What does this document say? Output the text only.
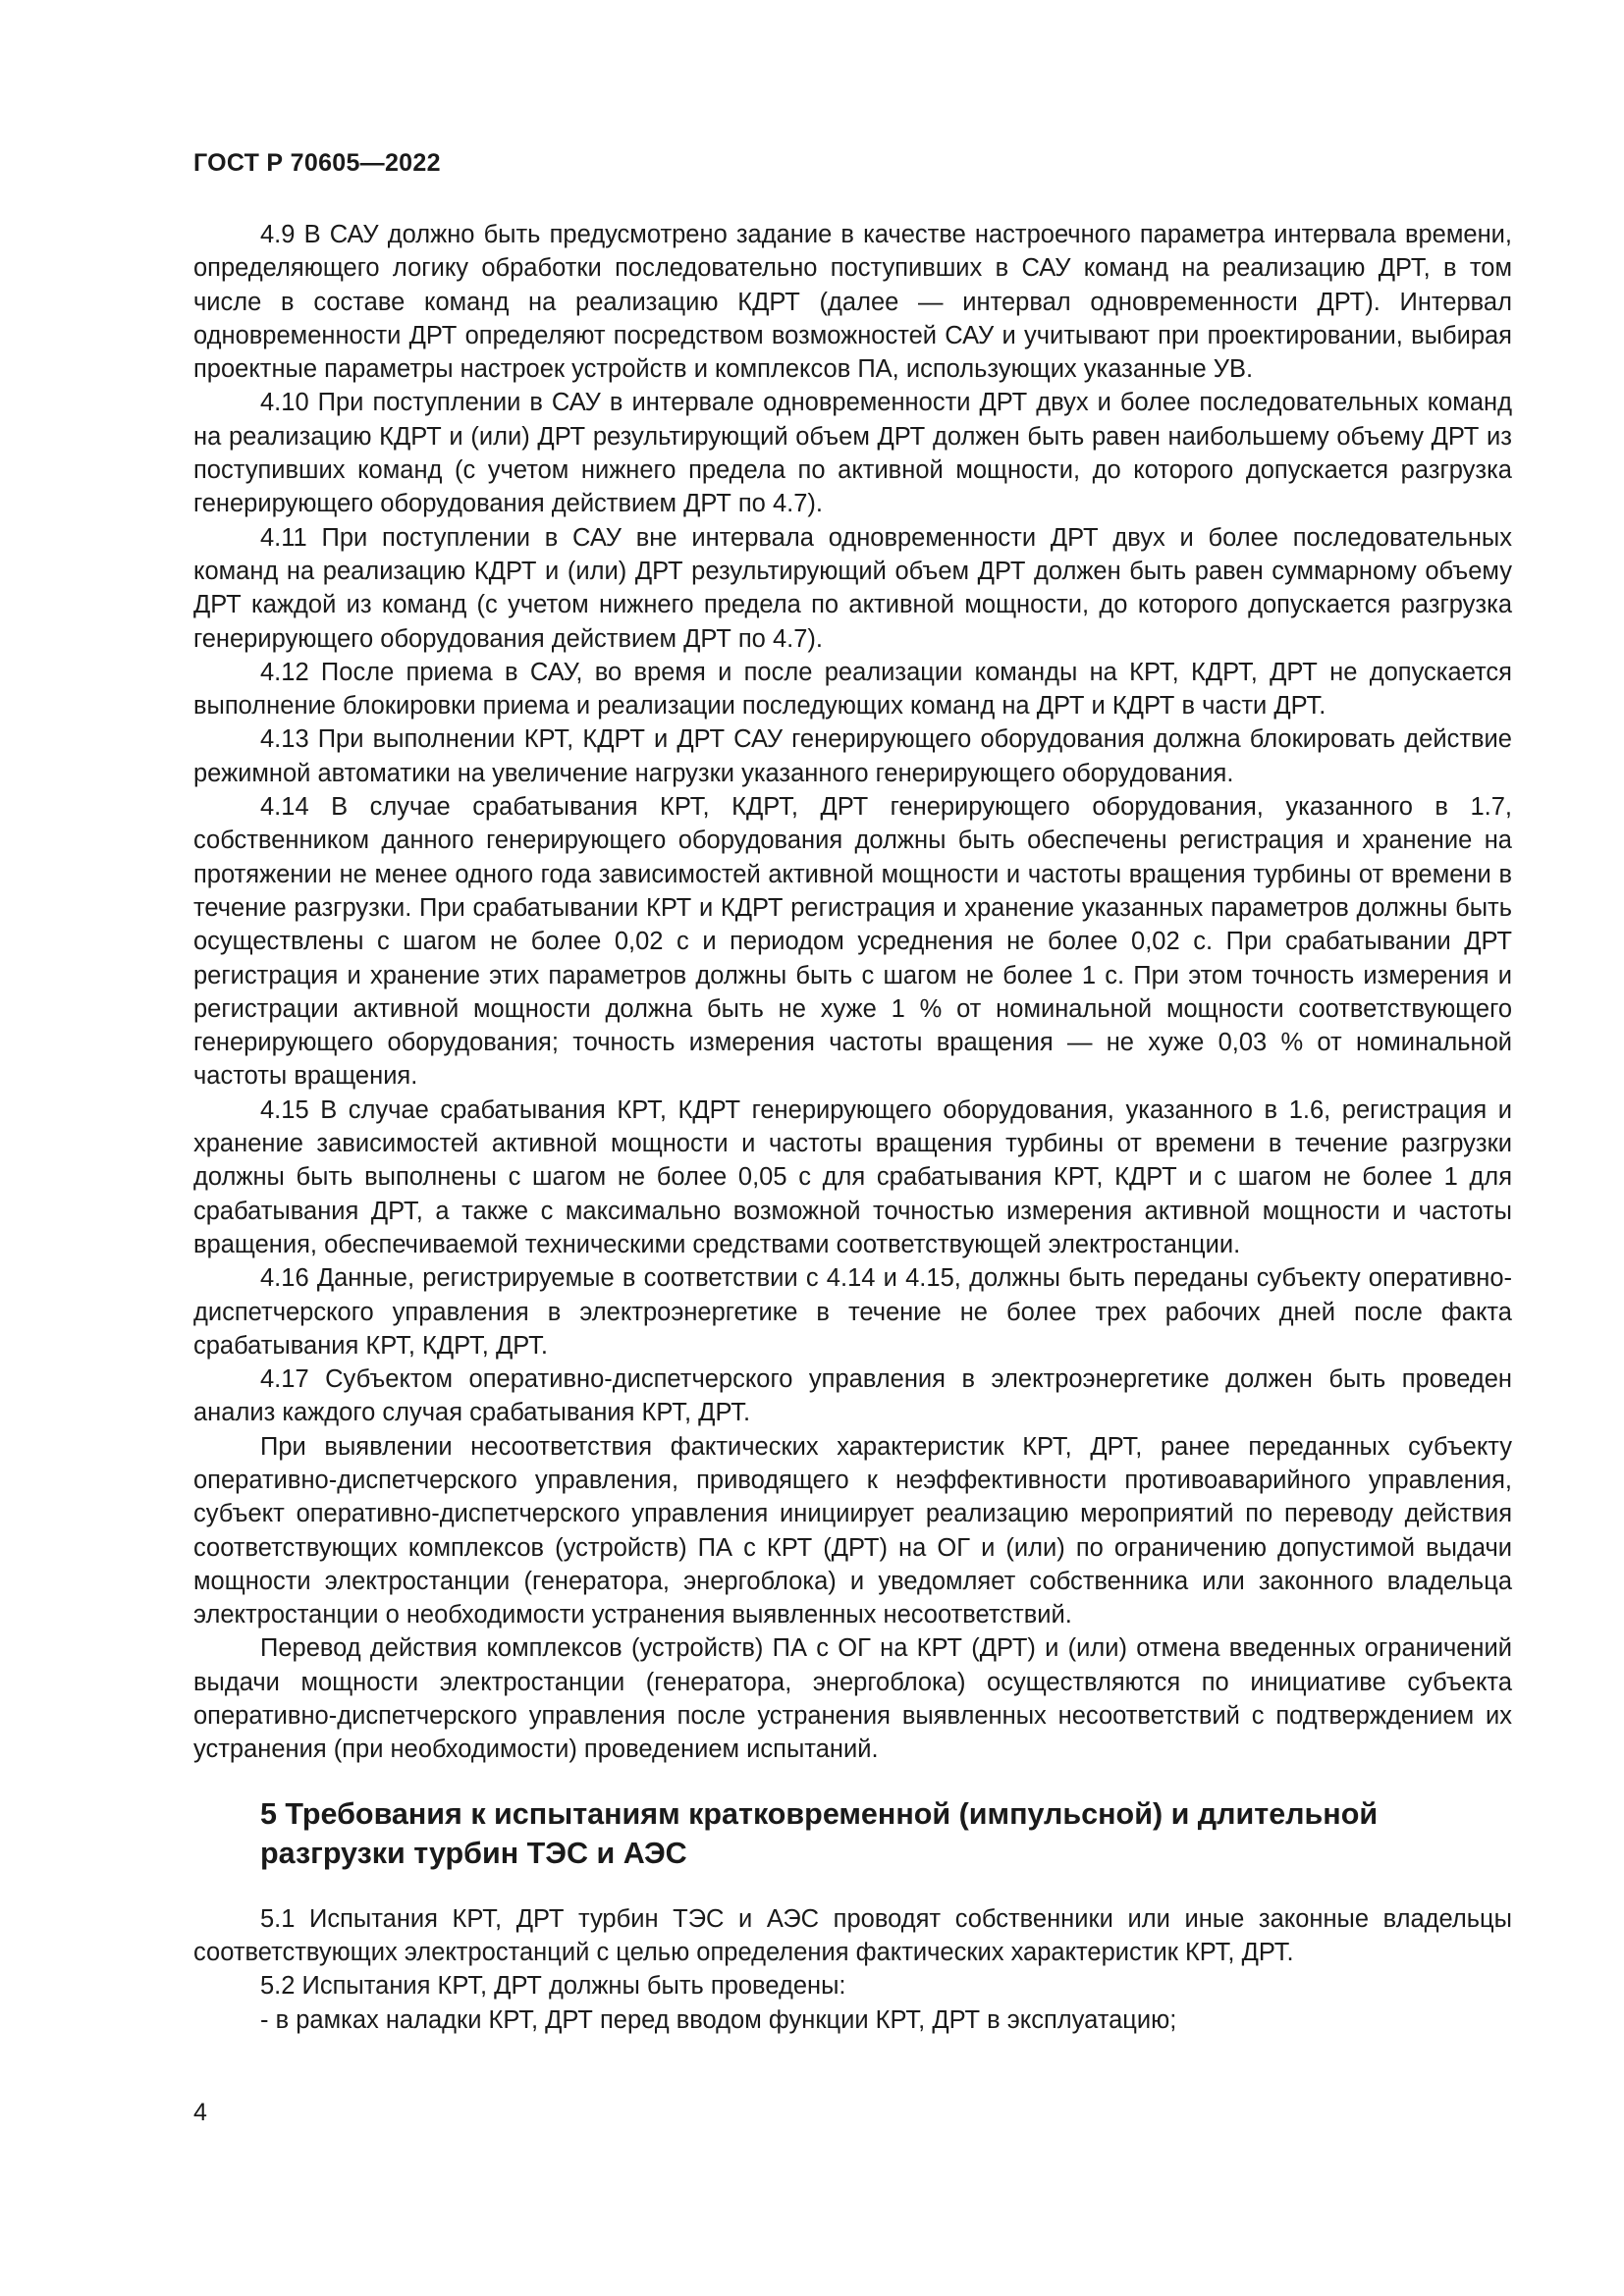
ГОСТ Р 70605—2022

4.9 В САУ должно быть предусмотрено задание в качестве настроечного параметра интервала времени, определяющего логику обработки последовательно поступивших в САУ команд на реализацию ДРТ, в том числе в составе команд на реализацию КДРТ (далее — интервал одновременности ДРТ). Интервал одновременности ДРТ определяют посредством возможностей САУ и учитывают при проектировании, выбирая проектные параметры настроек устройств и комплексов ПА, использующих указанные УВ.

4.10 При поступлении в САУ в интервале одновременности ДРТ двух и более последовательных команд на реализацию КДРТ и (или) ДРТ результирующий объем ДРТ должен быть равен наибольшему объему ДРТ из поступивших команд (с учетом нижнего предела по активной мощности, до которого допускается разгрузка генерирующего оборудования действием ДРТ по 4.7).

4.11 При поступлении в САУ вне интервала одновременности ДРТ двух и более последовательных команд на реализацию КДРТ и (или) ДРТ результирующий объем ДРТ должен быть равен суммарному объему ДРТ каждой из команд (с учетом нижнего предела по активной мощности, до которого допускается разгрузка генерирующего оборудования действием ДРТ по 4.7).

4.12 После приема в САУ, во время и после реализации команды на КРТ, КДРТ, ДРТ не допускается выполнение блокировки приема и реализации последующих команд на ДРТ и КДРТ в части ДРТ.

4.13 При выполнении КРТ, КДРТ и ДРТ САУ генерирующего оборудования должна блокировать действие режимной автоматики на увеличение нагрузки указанного генерирующего оборудования.

4.14 В случае срабатывания КРТ, КДРТ, ДРТ генерирующего оборудования, указанного в 1.7, собственником данного генерирующего оборудования должны быть обеспечены регистрация и хранение на протяжении не менее одного года зависимостей активной мощности и частоты вращения турбины от времени в течение разгрузки. При срабатывании КРТ и КДРТ регистрация и хранение указанных параметров должны быть осуществлены с шагом не более 0,02 с и периодом усреднения не более 0,02 с. При срабатывании ДРТ регистрация и хранение этих параметров должны быть с шагом не более 1 с. При этом точность измерения и регистрации активной мощности должна быть не хуже 1 % от номинальной мощности соответствующего генерирующего оборудования; точность измерения частоты вращения — не хуже 0,03 % от номинальной частоты вращения.

4.15 В случае срабатывания КРТ, КДРТ генерирующего оборудования, указанного в 1.6, регистрация и хранение зависимостей активной мощности и частоты вращения турбины от времени в течение разгрузки должны быть выполнены с шагом не более 0,05 с для срабатывания КРТ, КДРТ и с шагом не более 1 для срабатывания ДРТ, а также с максимально возможной точностью измерения активной мощности и частоты вращения, обеспечиваемой техническими средствами соответствующей электростанции.

4.16 Данные, регистрируемые в соответствии с 4.14 и 4.15, должны быть переданы субъекту оперативно-диспетчерского управления в электроэнергетике в течение не более трех рабочих дней после факта срабатывания КРТ, КДРТ, ДРТ.

4.17 Субъектом оперативно-диспетчерского управления в электроэнергетике должен быть проведен анализ каждого случая срабатывания КРТ, ДРТ.

При выявлении несоответствия фактических характеристик КРТ, ДРТ, ранее переданных субъекту оперативно-диспетчерского управления, приводящего к неэффективности противоаварийного управления, субъект оперативно-диспетчерского управления инициирует реализацию мероприятий по переводу действия соответствующих комплексов (устройств) ПА с КРТ (ДРТ) на ОГ и (или) по ограничению допустимой выдачи мощности электростанции (генератора, энергоблока) и уведомляет собственника или законного владельца электростанции о необходимости устранения выявленных несоответствий.

Перевод действия комплексов (устройств) ПА с ОГ на КРТ (ДРТ) и (или) отмена введенных ограничений выдачи мощности электростанции (генератора, энергоблока) осуществляются по инициативе субъекта оперативно-диспетчерского управления после устранения выявленных несоответствий с подтверждением их устранения (при необходимости) проведением испытаний.

5 Требования к испытаниям кратковременной (импульсной) и длительной разгрузки турбин ТЭС и АЭС

5.1 Испытания КРТ, ДРТ турбин ТЭС и АЭС проводят собственники или иные законные владельцы соответствующих электростанций с целью определения фактических характеристик КРТ, ДРТ.

5.2 Испытания КРТ, ДРТ должны быть проведены:

- в рамках наладки КРТ, ДРТ перед вводом функции КРТ, ДРТ в эксплуатацию;

4
